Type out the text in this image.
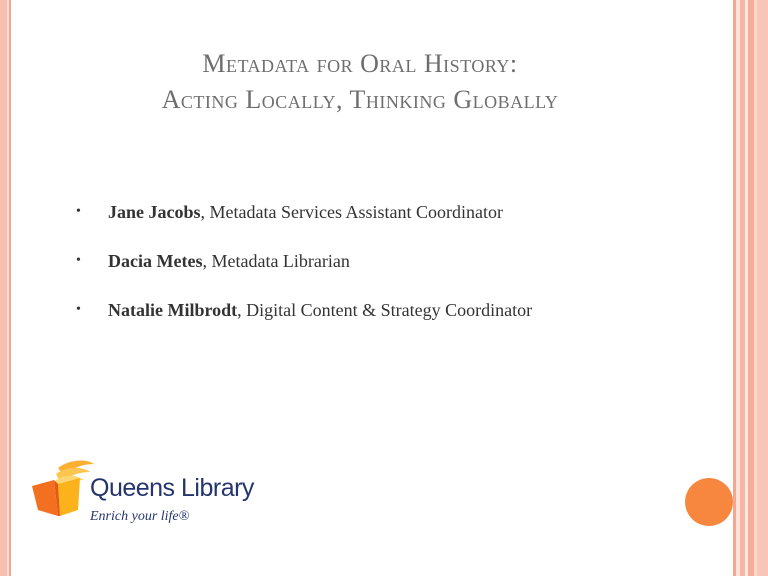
Metadata for Oral History:
Acting Locally, Thinking Globally
• Jane Jacobs, Metadata Services Assistant Coordinator
• Dacia Metes, Metadata Librarian
• Natalie Milbrodt, Digital Content & Strategy Coordinator
Queens Library
Enrich your life®
